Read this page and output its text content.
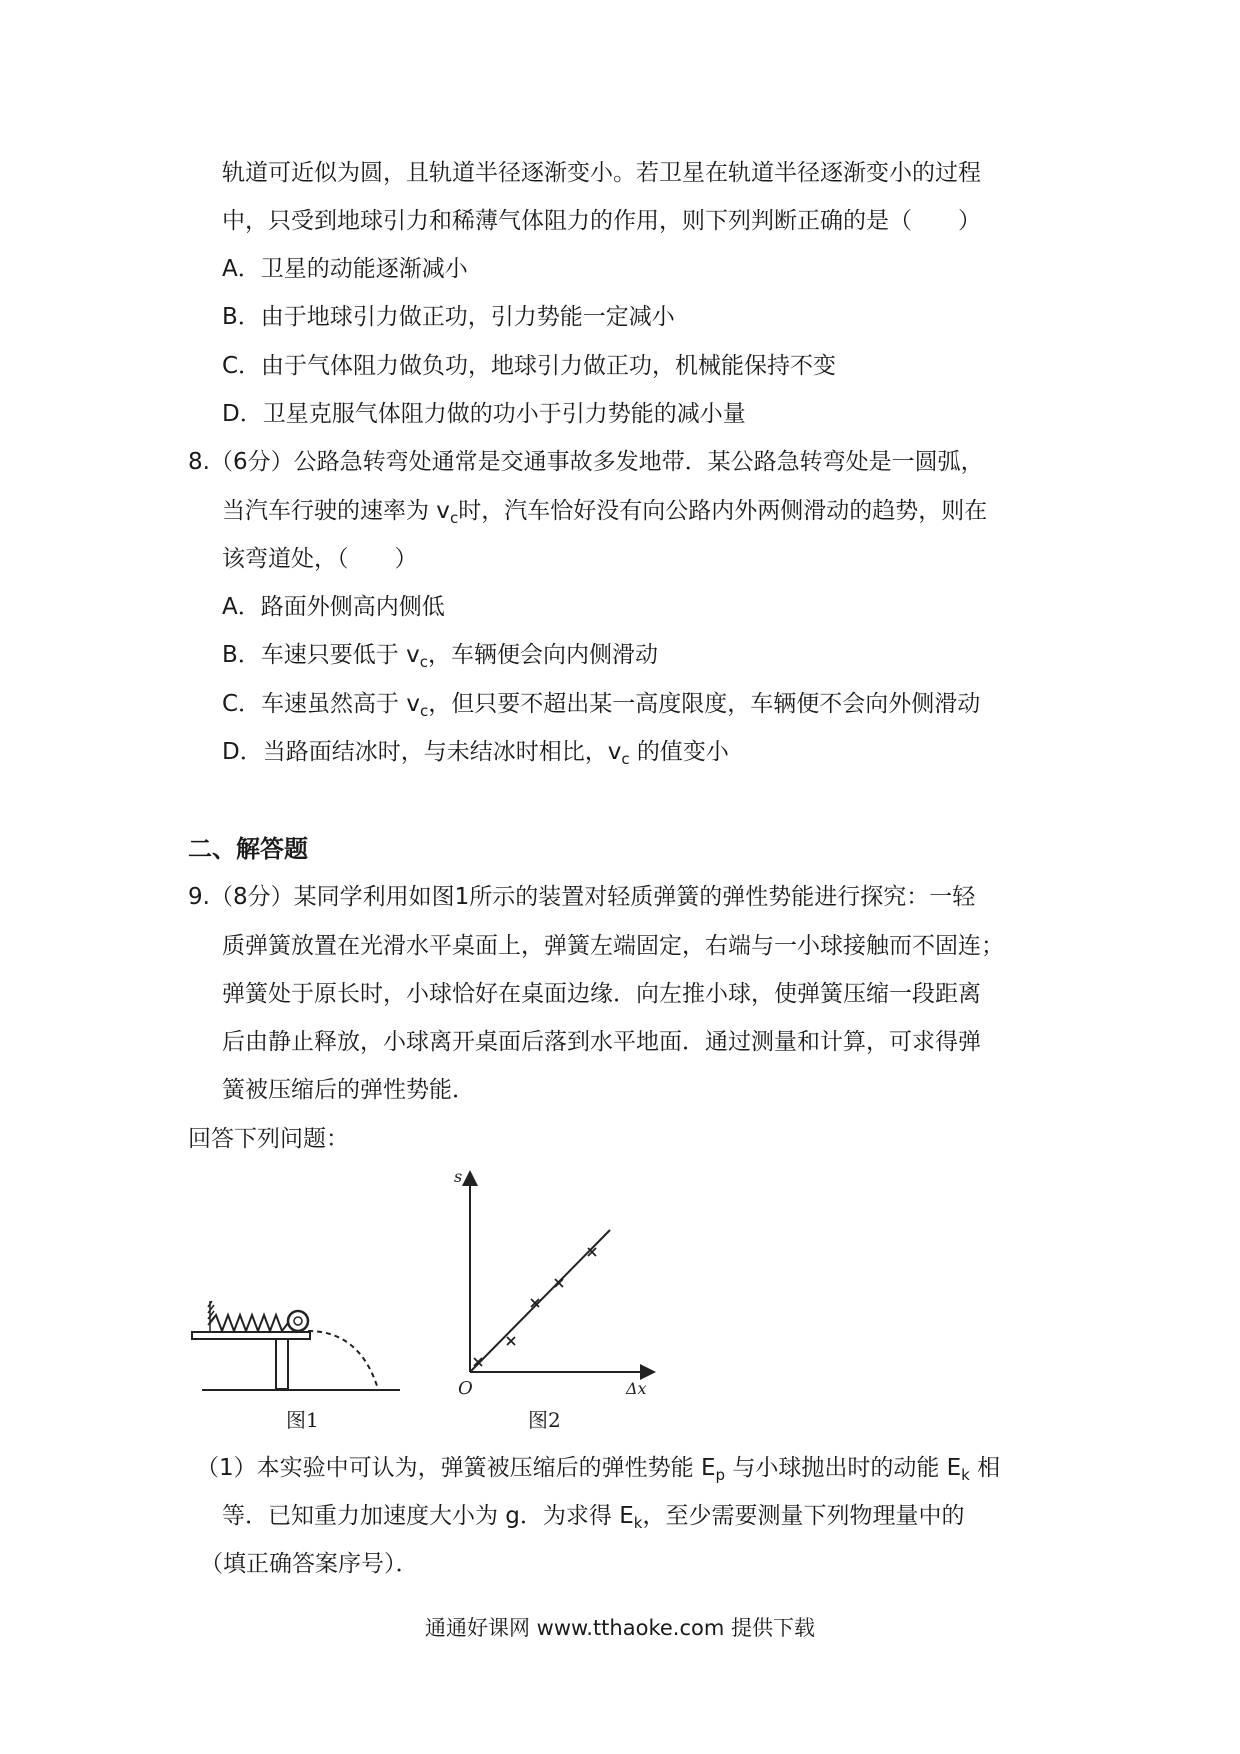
轨道可近似为圆，且轨道半径逐渐变小。若卫星在轨道半径逐渐变小的过程
中，只受到地球引力和稀薄气体阻力的作用，则下列判断正确的是（　　）
A．卫星的动能逐渐减小
B．由于地球引力做正功，引力势能一定减小
C．由于气体阻力做负功，地球引力做正功，机械能保持不变
D．卫星克服气体阻力做的功小于引力势能的减小量
8.（6分）公路急转弯处通常是交通事故多发地带．某公路急转弯处是一圆弧，
当汽车行驶的速率为 $v_c$时，汽车恰好没有向公路内外两侧滑动的趋势，则在
该弯道处，（　　）
A．路面外侧高内侧低
B．车速只要低于 $v_c$，车辆便会向内侧滑动
C．车速虽然高于 $v_c$，但只要不超出某一高度限度，车辆便不会向外侧滑动
D．当路面结冰时，与未结冰时相比，$v_c$ 的值变小
二、解答题
9.（8分）某同学利用如图1所示的装置对轻质弹簧的弹性势能进行探究：一轻
质弹簧放置在光滑水平桌面上，弹簧左端固定，右端与一小球接触而不固连；
弹簧处于原长时，小球恰好在桌面边缘．向左推小球，使弹簧压缩一段距离
后由静止释放，小球离开桌面后落到水平地面．通过测量和计算，可求得弹
簧被压缩后的弹性势能．
回答下列问题：
图1
s
O	Δx
图2
（1）本实验中可认为，弹簧被压缩后的弹性势能 $E_p$ 与小球抛出时的动能 $E_k$ 相
等．已知重力加速度大小为 g．为求得 $E_k$，至少需要测量下列物理量中的
（填正确答案序号）．
通通好课网 www.tthaoke.com 提供下载
